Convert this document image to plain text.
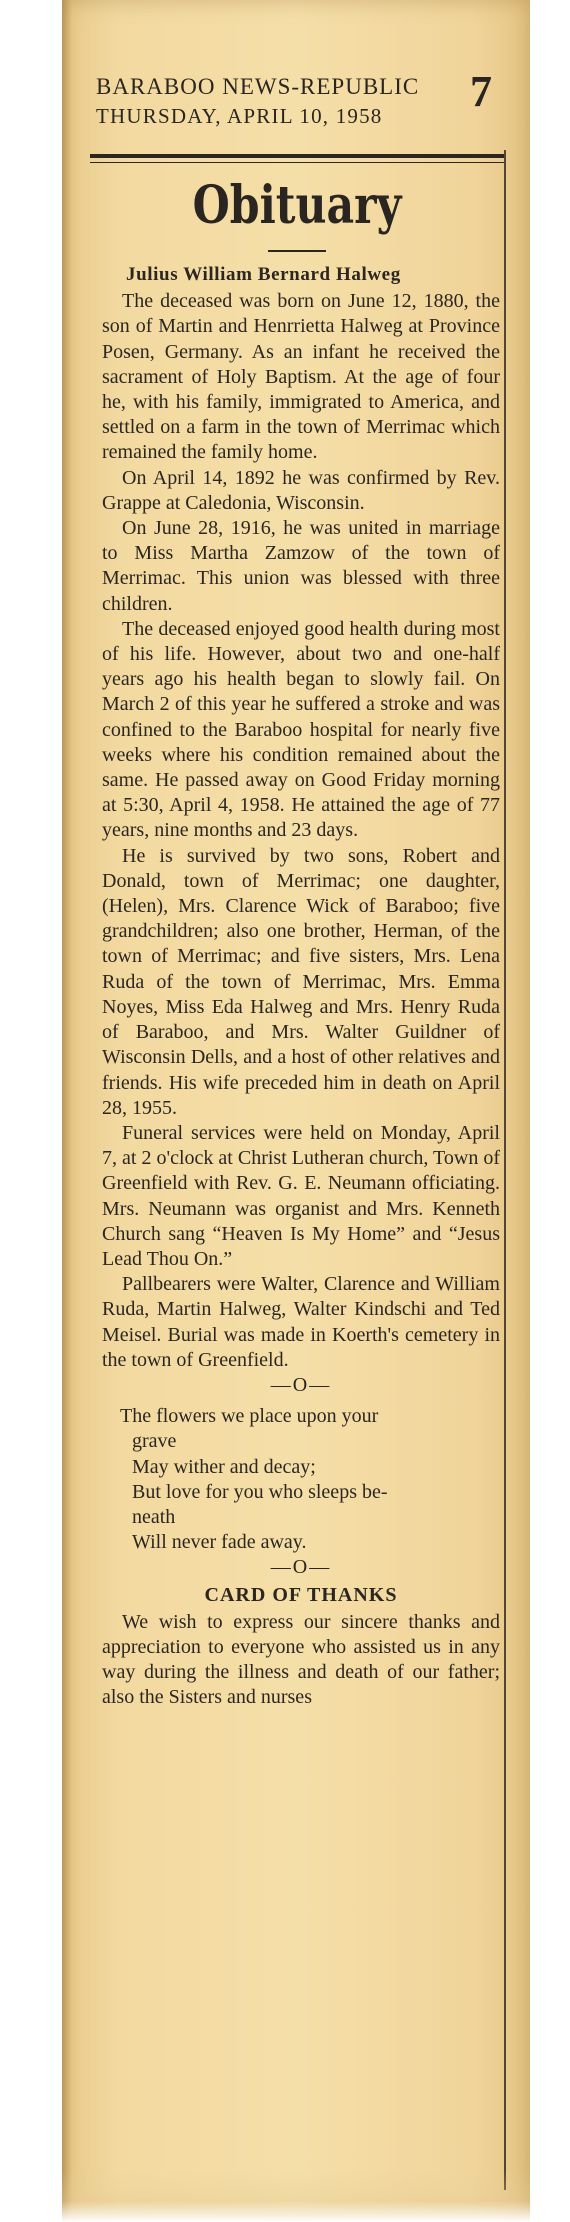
BARABOO NEWS-REPUBLIC
THURSDAY, APRIL 10, 1958	7
Obituary
Julius William Bernard Halweg

The deceased was born on June 12, 1880, the son of Martin and Henrrietta Halweg at Province Posen, Germany. As an infant he received the sacrament of Holy Baptism. At the age of four he, with his family, immigrated to America, and settled on a farm in the town of Merrimac which remained the family home.

On April 14, 1892 he was confirmed by Rev. Grappe at Caledonia, Wisconsin.

On June 28, 1916, he was united in marriage to Miss Martha Zamzow of the town of Merrimac. This union was blessed with three children.

The deceased enjoyed good health during most of his life. However, about two and one-half years ago his health began to slowly fail. On March 2 of this year he suffered a stroke and was confined to the Baraboo hospital for nearly five weeks where his condition remained about the same. He passed away on Good Friday morning at 5:30, April 4, 1958. He attained the age of 77 years, nine months and 23 days.

He is survived by two sons, Robert and Donald, town of Merrimac; one daughter, (Helen), Mrs. Clarence Wick of Baraboo; five grandchildren; also one brother, Herman, of the town of Merrimac; and five sisters, Mrs. Lena Ruda of the town of Merrimac, Mrs. Emma Noyes, Miss Eda Halweg and Mrs. Henry Ruda of Baraboo, and Mrs. Walter Guildner of Wisconsin Dells, and a host of other relatives and friends. His wife preceded him in death on April 28, 1955.

Funeral services were held on Monday, April 7, at 2 o'clock at Christ Lutheran church, Town of Greenfield with Rev. G. E. Neumann officiating. Mrs. Neumann was organist and Mrs. Kenneth Church sang “Heaven Is My Home” and “Jesus Lead Thou On.”

Pallbearers were Walter, Clarence and William Ruda, Martin Halweg, Walter Kindschi and Ted Meisel. Burial was made in Koerth's cemetery in the town of Greenfield.

—O—

The flowers we place upon your
grave
May wither and decay;
But love for you who sleeps be-
neath
Will never fade away.

—O—

CARD OF THANKS

We wish to express our sincere thanks and appreciation to everyone who assisted us in any way during the illness and death of our father; also the Sisters and nurses
